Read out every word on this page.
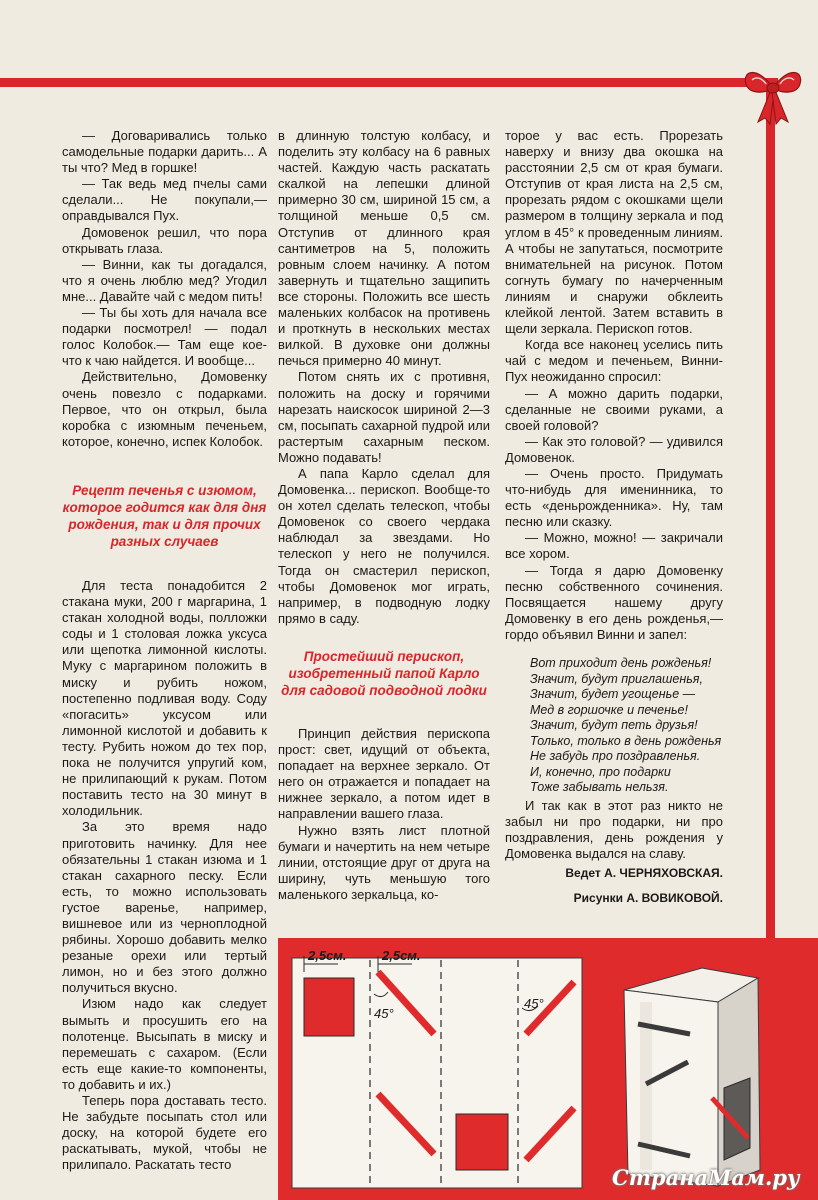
— Договаривались только самодельные подарки дарить... А ты что? Мед в горшке!

— Так ведь мед пчелы сами сделали... Не покупали,— оправдывался Пух.

Домовенок решил, что пора открывать глаза.

— Винни, как ты догадался, что я очень люблю мед? Угодил мне... Давайте чай с медом пить!

— Ты бы хоть для начала все подарки посмотрел! — подал голос Колобок.— Там еще кое-что к чаю найдется. И вообще...

Действительно, Домовенку очень повезло с подарками. Первое, что он открыл, была коробка с изюмным печеньем, которое, конечно, испек Колобок.

Рецепт печенья с изюмом, которое годится как для дня рождения, так и для прочих разных случаев

Для теста понадобится 2 стакана муки, 200 г маргарина, 1 стакан холодной воды, полложки соды и 1 столовая ложка уксуса или щепотка лимонной кислоты. Муку с маргарином положить в миску и рубить ножом, постепенно подливая воду. Соду «погасить» уксусом или лимонной кислотой и добавить к тесту. Рубить ножом до тех пор, пока не получится упругий ком, не прилипающий к рукам. Потом поставить тесто на 30 минут в холодильник.

За это время надо приготовить начинку. Для нее обязательны 1 стакан изюма и 1 стакан сахарного песку. Если есть, то можно использовать густое варенье, например, вишневое или из черноплодной рябины. Хорошо добавить мелко резаные орехи или тертый лимон, но и без этого должно получиться вкусно.

Изюм надо как следует вымыть и просушить его на полотенце. Высыпать в миску и перемешать с сахаром. (Если есть еще какие-то компоненты, то добавить и их.)

Теперь пора доставать тесто. Не забудьте посыпать стол или доску, на которой будете его раскатывать, мукой, чтобы не прилипало. Раскатать тесто

в длинную толстую колбасу, и поделить эту колбасу на 6 равных частей. Каждую часть раскатать скалкой на лепешки длиной примерно 30 см, шириной 15 см, а толщиной меньше 0,5 см. Отступив от длинного края сантиметров на 5, положить ровным слоем начинку. А потом завернуть и тщательно защипить все стороны. Положить все шесть маленьких колбасок на противень и проткнуть в нескольких местах вилкой. В духовке они должны печься примерно 40 минут.

Потом снять их с противня, положить на доску и горячими нарезать наискосок шириной 2—3 см, посыпать сахарной пудрой или растертым сахарным песком. Можно подавать!

А папа Карло сделал для Домовенка... перископ. Вообще-то он хотел сделать телескоп, чтобы Домовенок со своего чердака наблюдал за звездами. Но телескоп у него не получился. Тогда он смастерил перископ, чтобы Домовенок мог играть, например, в подводную лодку прямо в саду.

Простейший перископ, изобретенный папой Карло для садовой подводной лодки

Принцип действия перископа прост: свет, идущий от объекта, попадает на верхнее зеркало. От него он отражается и попадает на нижнее зеркало, а потом идет в направлении вашего глаза.

Нужно взять лист плотной бумаги и начертить на нем четыре линии, отстоящие друг от друга на ширину, чуть меньшую того маленького зеркальца, ко-

торое у вас есть. Прорезать наверху и внизу два окошка на расстоянии 2,5 см от края бумаги. Отступив от края листа на 2,5 см, прорезать рядом с окошками щели размером в толщину зеркала и под углом в 45° к проведенным линиям. А чтобы не запутаться, посмотрите внимательней на рисунок. Потом согнуть бумагу по начерченным линиям и снаружи обклеить клейкой лентой. Затем вставить в щели зеркала. Перископ готов.

Когда все наконец уселись пить чай с медом и печеньем, Винни-Пух неожиданно спросил:

— А можно дарить подарки, сделанные не своими руками, а своей головой?

— Как это головой? — удивился Домовенок.

— Очень просто. Придумать что-нибудь для именинника, то есть «деньрожденника». Ну, там песню или сказку.

— Можно, можно! — закричали все хором.

— Тогда я дарю Домовенку песню собственного сочинения. Посвящается нашему другу Домовенку в его день рожденья,— гордо объявил Винни и запел:

Вот приходит день рожденья!
Значит, будут приглашенья,
Значит, будет угощенье —
Мед в горшочке и печенье!
Значит, будут петь друзья!
Только, только в день рожденья
Не забудь про поздравленья.
И, конечно, про подарки
Тоже забывать нельзя.

И так как в этот раз никто не забыл ни про подарки, ни про поздравления, день рождения у Домовенка выдался на славу.

Ведет А. ЧЕРНЯХОВСКАЯ.
Рисунки А. ВОВИКОВОЙ.
2,5см.	2,5см.
45°
45°
СтранаМам.ру
